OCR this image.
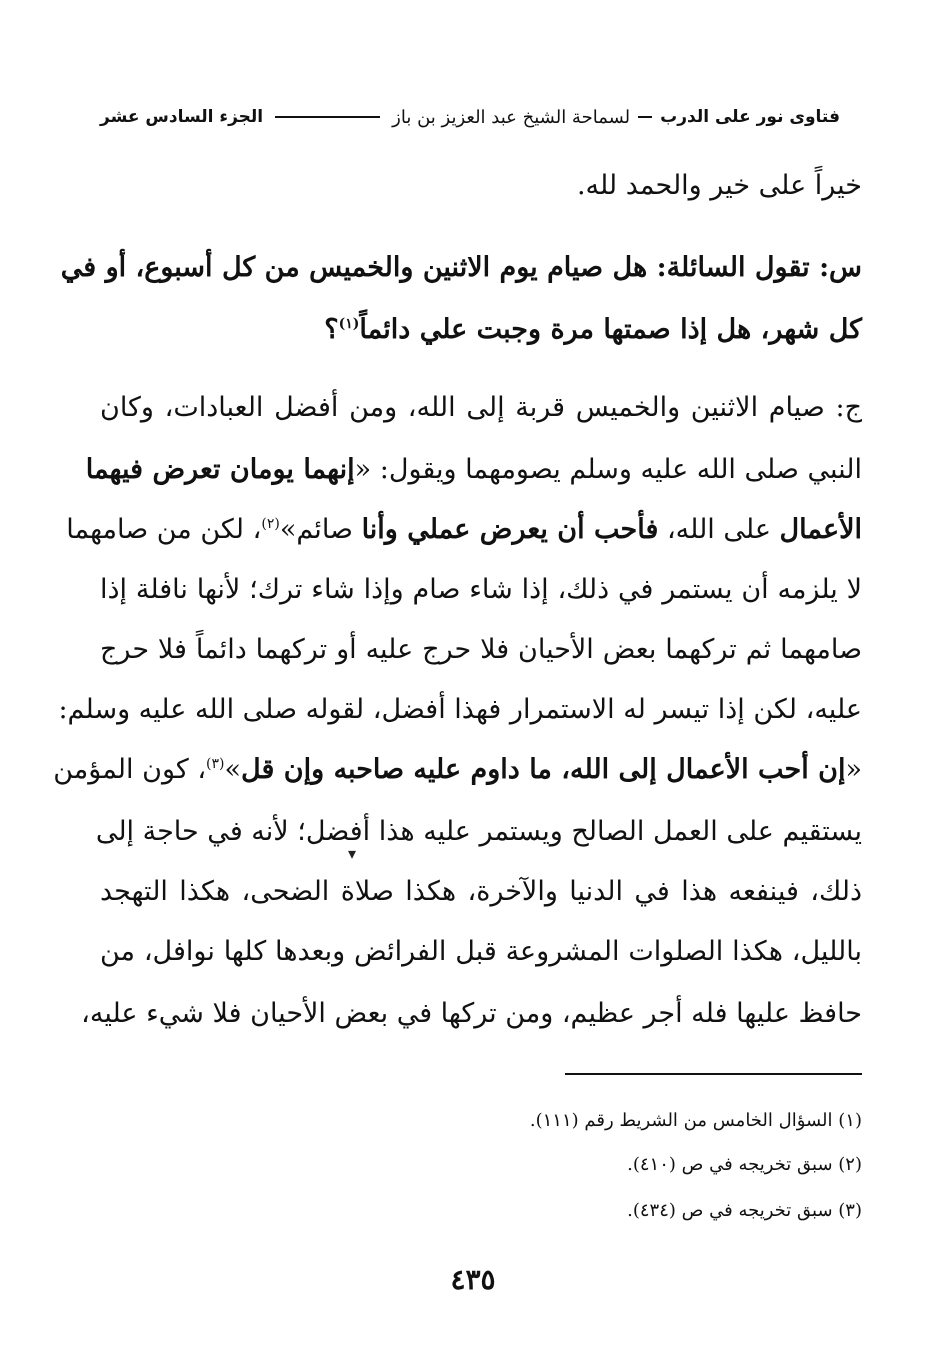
فتاوى نور على الدرب
لسماحة الشيخ عبد العزيز بن باز
الجزء السادس عشر
خيراً على خير والحمد لله.
س: تقول السائلة: هل صيام يوم الاثنين والخميس من كل أسبوع، أو في
كل شهر، هل إذا صمتها مرة وجبت علي دائماً$^{(١)}$؟
ج: صيام الاثنين والخميس قربة إلى الله، ومن أفضل العبادات، وكان
النبي صلى الله عليه وسلم يصومهما ويقول: «إنهما يومان تعرض فيهما
الأعمال على الله، فأحب أن يعرض عملي وأنا صائم»$^{(٢)}$، لكن من صامهما
لا يلزمه أن يستمر في ذلك، إذا شاء صام وإذا شاء ترك؛ لأنها نافلة إذا
صامهما ثم تركهما بعض الأحيان فلا حرج عليه أو تركهما دائماً فلا حرج
عليه، لكن إذا تيسر له الاستمرار فهذا أفضل، لقوله صلى الله عليه وسلم:
«إن أحب الأعمال إلى الله، ما داوم عليه صاحبه وإن قل»$^{(٣)}$، كون المؤمن
يستقيم على العمل الصالح ويستمر عليه هذا أفضل؛ لأنه في حاجة إلى
ذلك، فينفعه هذا في الدنيا والآخرة، هكذا صلاة الضحى، هكذا التهجد
بالليل، هكذا الصلوات المشروعة قبل الفرائض وبعدها كلها نوافل، من
حافظ عليها فله أجر عظيم، ومن تركها في بعض الأحيان فلا شيء عليه،
▾
(١) السؤال الخامس من الشريط رقم (١١١).
(٢) سبق تخريجه في ص (٤١٠).
(٣) سبق تخريجه في ص (٤٣٤).
٤٣٥
